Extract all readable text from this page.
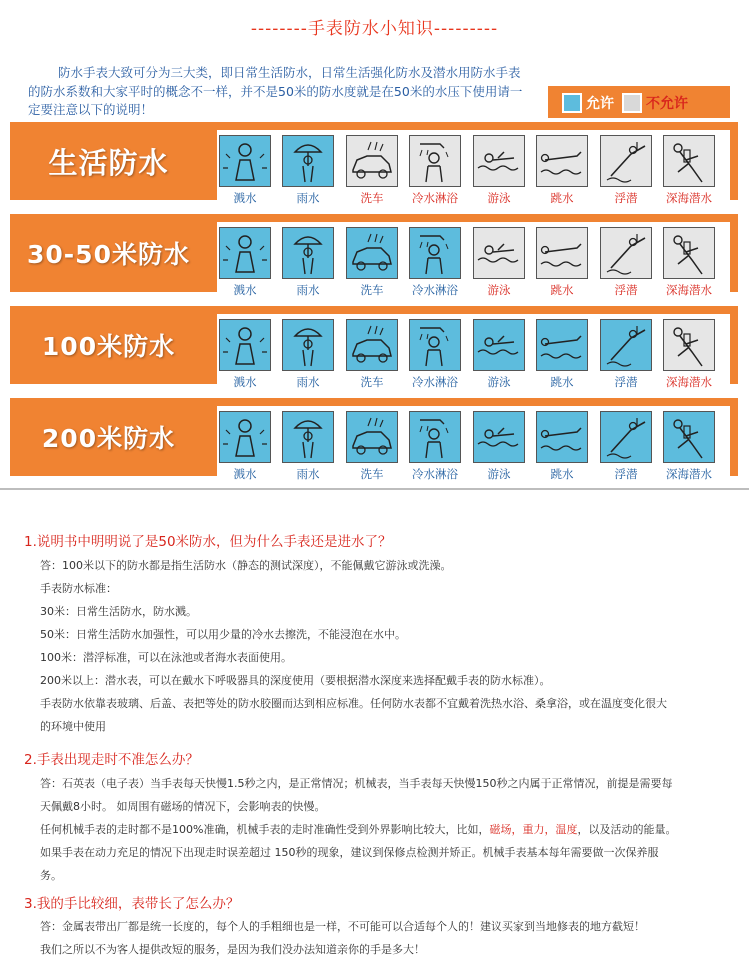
--------手表防水小知识---------

防水手表大致可分为三大类，即日常生活防水，日常生活强化防水及潜水用防水手表的防水系数和大家平时的概念不一样，并不是50米的防水度就是在50米的水压下使用请一定要注意以下的说明！	允许 不允许
生活防水
溅水	雨水	洗车	冷水淋浴	游泳	跳水	浮潜	深海潜水
30-50米防水
溅水	雨水	洗车	冷水淋浴	游泳	跳水	浮潜	深海潜水
100米防水
溅水	雨水	洗车	冷水淋浴	游泳	跳水	浮潜	深海潜水
200米防水
溅水	雨水	洗车	冷水淋浴	游泳	跳水	浮潜	深海潜水
1.说明书中明明说了是50米防水，但为什么手表还是进水了？
答：100米以下的防水都是指生活防水（静态的测试深度），不能佩戴它游泳或洗澡。
手表防水标准：
30米：日常生活防水，防水溅。
50米：日常生活防水加强性，可以用少量的冷水去擦洗，不能浸泡在水中。
100米：潜浮标准，可以在泳池或者海水表面使用。
200米以上：潜水表，可以在戴水下呼吸器具的深度使用（要根据潜水深度来选择配戴手表的防水标准）。
手表防水依靠表玻璃、后盖、表把等处的防水胶圈而达到相应标准。任何防水表都不宜戴着洗热水浴、桑拿浴，或在温度变化很大
的环境中使用
2.手表出现走时不准怎么办？
答：石英表（电子表）当手表每天快慢1.5秒之内，是正常情况；机械表，当手表每天快慢150秒之内属于正常情况，前提是需要每
天佩戴8小时。 如周围有磁场的情况下，会影响表的快慢。
任何机械手表的走时都不是100%准确，机械手表的走时准确性受到外界影响比较大，比如，磁场，重力，温度，以及活动的能量。
如果手表在动力充足的情况下出现走时误差超过 150秒的现象，建议到保修点检测并矫正。机械手表基本每年需要做一次保养服
务。
3.我的手比较细，表带长了怎么办？
答：金属表带出厂都是统一长度的，每个人的手粗细也是一样，不可能可以合适每个人的！建议买家到当地修表的地方截短！
我们之所以不为客人提供改短的服务，是因为我们没办法知道亲你的手是多大！
